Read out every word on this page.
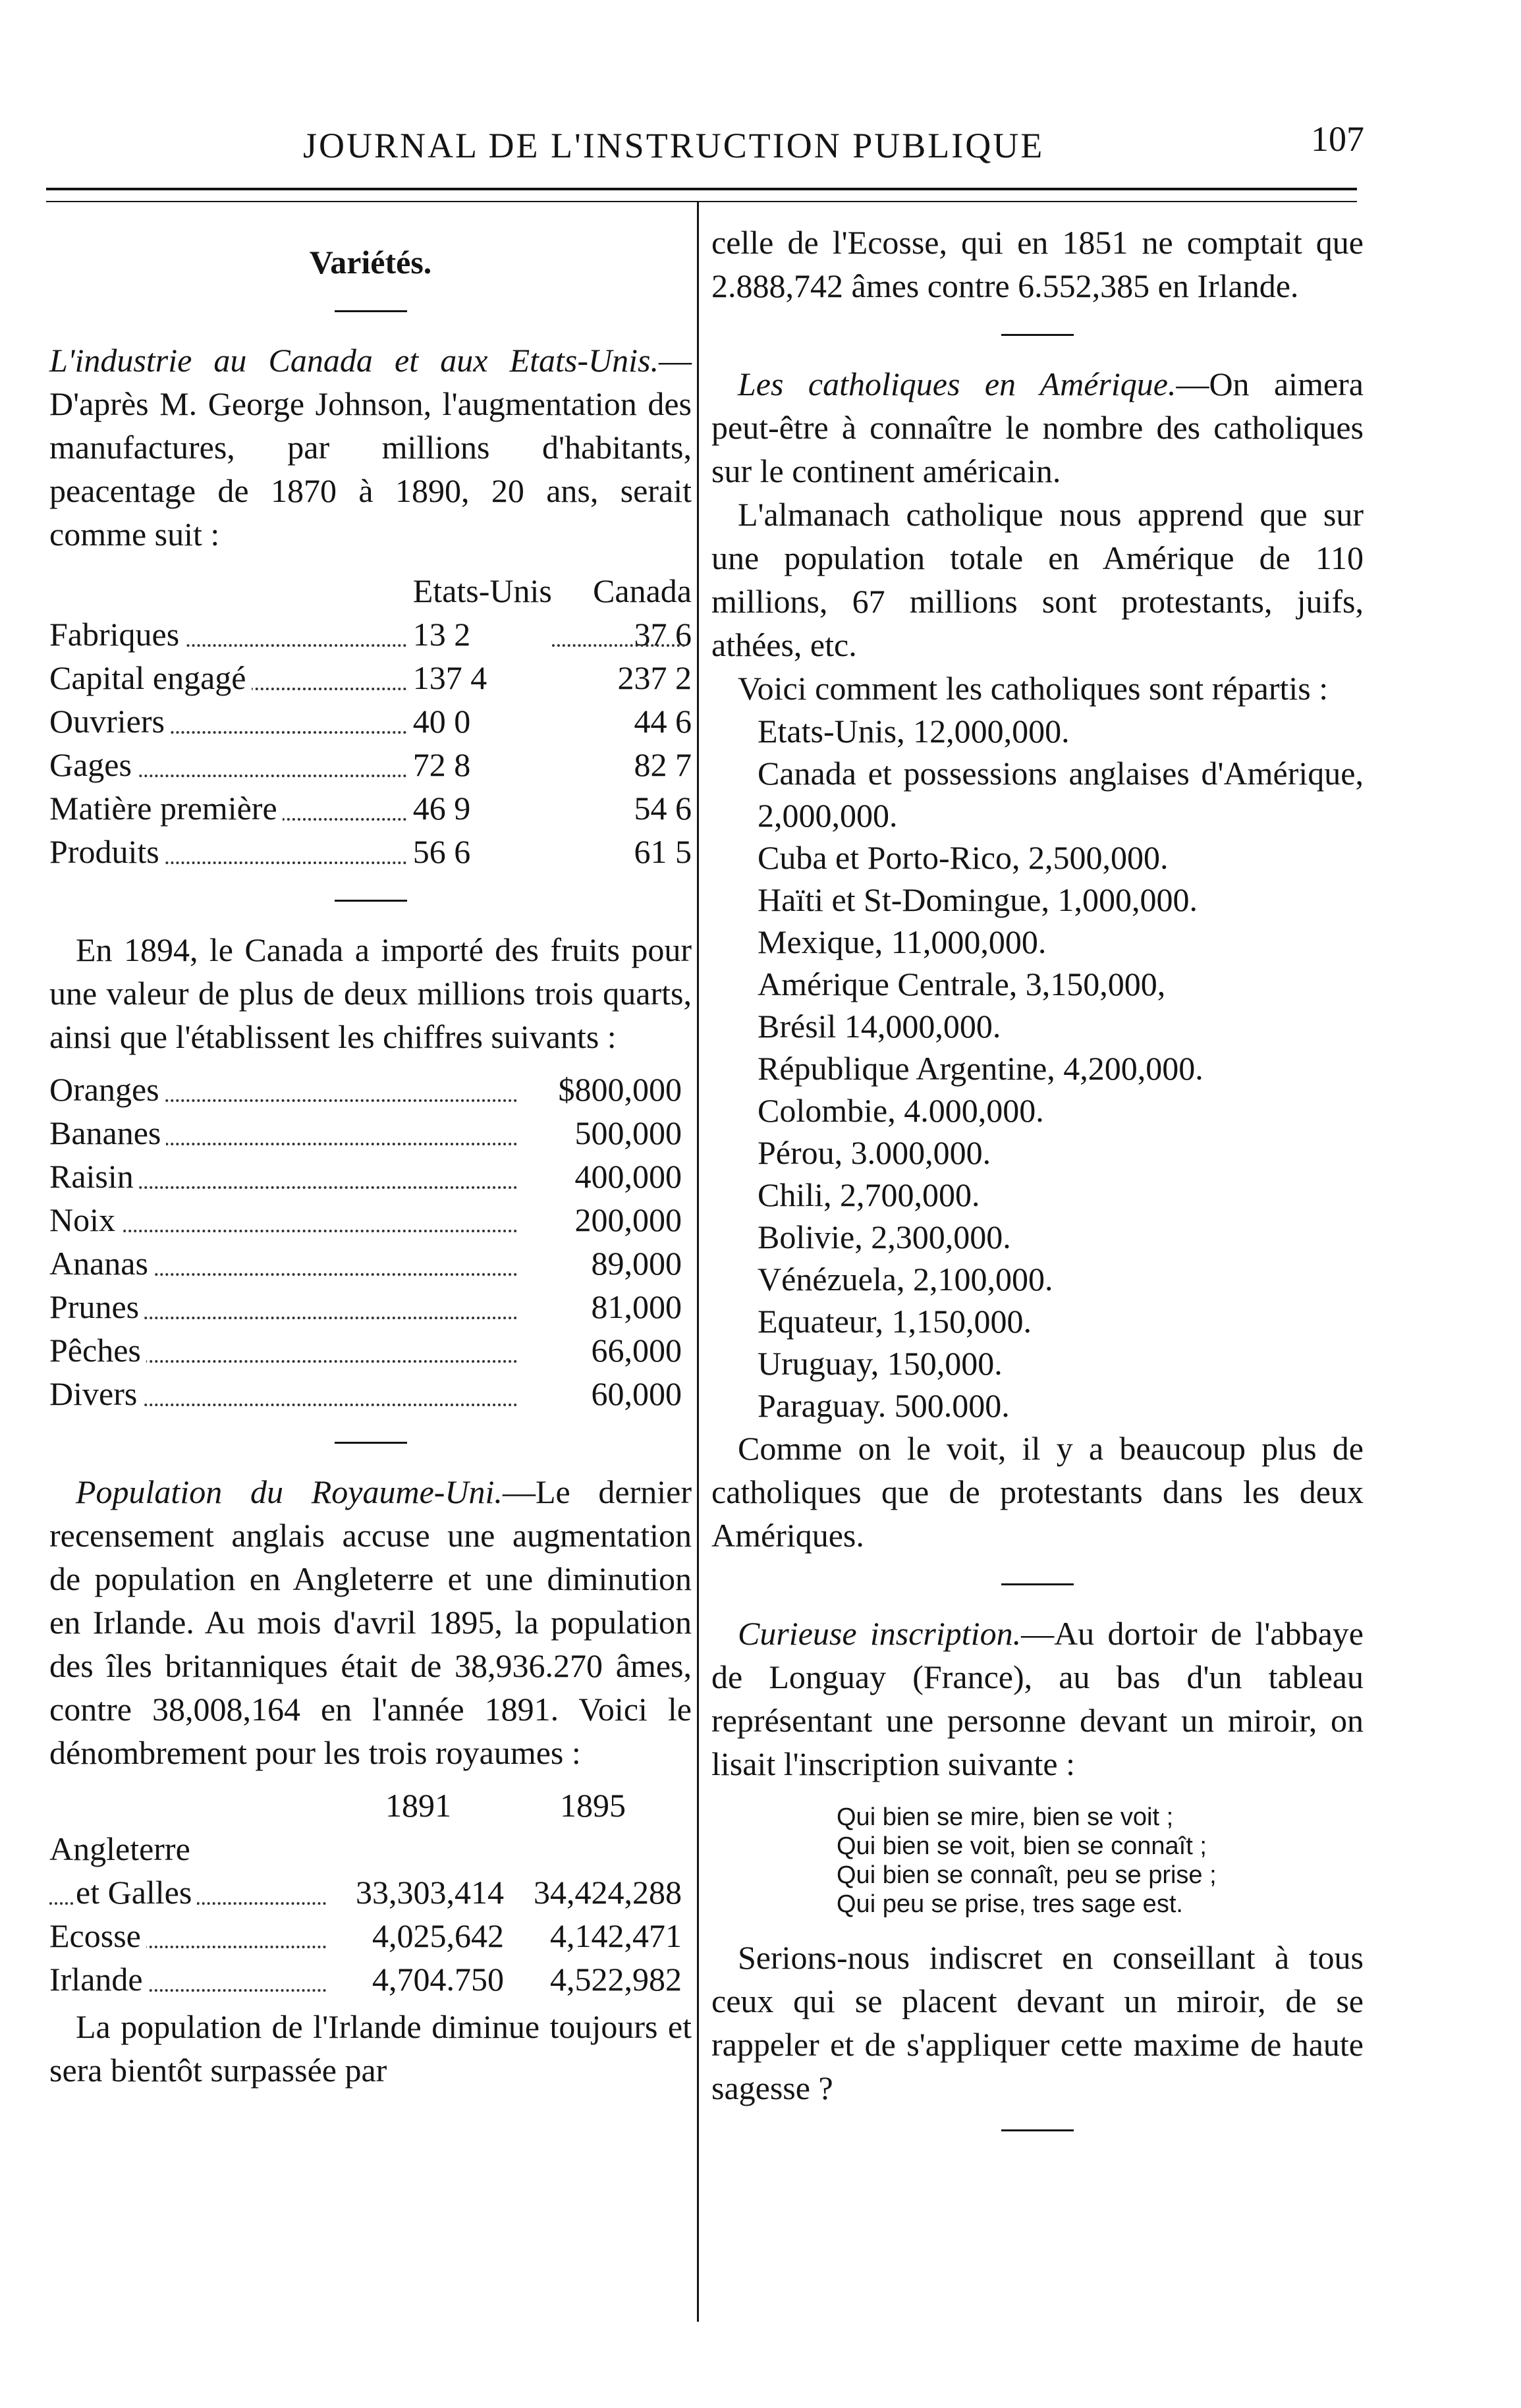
JOURNAL DE L'INSTRUCTION PUBLIQUE	107
Variétés.

L'industrie au Canada et aux Etats-Unis.—D'après M. George Johnson, l'augmentation des manufactures, par millions d'habitants, peacentage de 1870 à 1890, 20 ans, serait comme suit :

	Etats-Unis	Canada
Fabriques	13 2	37 6
Capital engagé	137 4	237 2
Ouvriers	40 0	44 6
Gages	72 8	82 7
Matière première	46 9	54 6
Produits	56 6	61 5

En 1894, le Canada a importé des fruits pour une valeur de plus de deux millions trois quarts, ainsi que l'établissent les chiffres suivants :

Oranges	$800,000
Bananes	500,000
Raisin	400,000
Noix	200,000
Ananas	89,000
Prunes	81,000
Pêches	66,000
Divers	60,000

Population du Royaume-Uni.—Le dernier recensement anglais accuse une augmentation de population en Angleterre et une diminution en Irlande. Au mois d'avril 1895, la population des îles britanniques était de 38,936.270 âmes, contre 38,008,164 en l'année 1891. Voici le dénombrement pour les trois royaumes :

	1891	1895
Angleterre		
et Galles	33,303,414	34,424,288
Ecosse	4,025,642	4,142,471
Irlande	4,704.750	4,522,982

La population de l'Irlande diminue toujours et sera bientôt surpassée par

celle de l'Ecosse, qui en 1851 ne comptait que 2.888,742 âmes contre 6.552,385 en Irlande.

Les catholiques en Amérique.—On aimera peut-être à connaître le nombre des catholiques sur le continent américain.

L'almanach catholique nous apprend que sur une population totale en Amérique de 110 millions, 67 millions sont protestants, juifs, athées, etc.

Voici comment les catholiques sont répartis :

Etats-Unis, 12,000,000.

Canada et possessions anglaises d'Amérique, 2,000,000.

Cuba et Porto-Rico, 2,500,000.

Haïti et St-Domingue, 1,000,000.

Mexique, 11,000,000.

Amérique Centrale, 3,150,000,

Brésil 14,000,000.

République Argentine, 4,200,000.

Colombie, 4.000,000.

Pérou, 3.000,000.

Chili, 2,700,000.

Bolivie, 2,300,000.

Vénézuela, 2,100,000.

Equateur, 1,150,000.

Uruguay, 150,000.

Paraguay. 500.000.

Comme on le voit, il y a beaucoup plus de catholiques que de protestants dans les deux Amériques.

Curieuse inscription.—Au dortoir de l'abbaye de Longuay (France), au bas d'un tableau représentant une personne devant un miroir, on lisait l'inscription suivante :

Qui bien se mire, bien se voit ;
Qui bien se voit, bien se connaît ;
Qui bien se connaît, peu se prise ;
Qui peu se prise, tres sage est.

Serions-nous indiscret en conseillant à tous ceux qui se placent devant un miroir, de se rappeler et de s'appliquer cette maxime de haute sagesse ?
